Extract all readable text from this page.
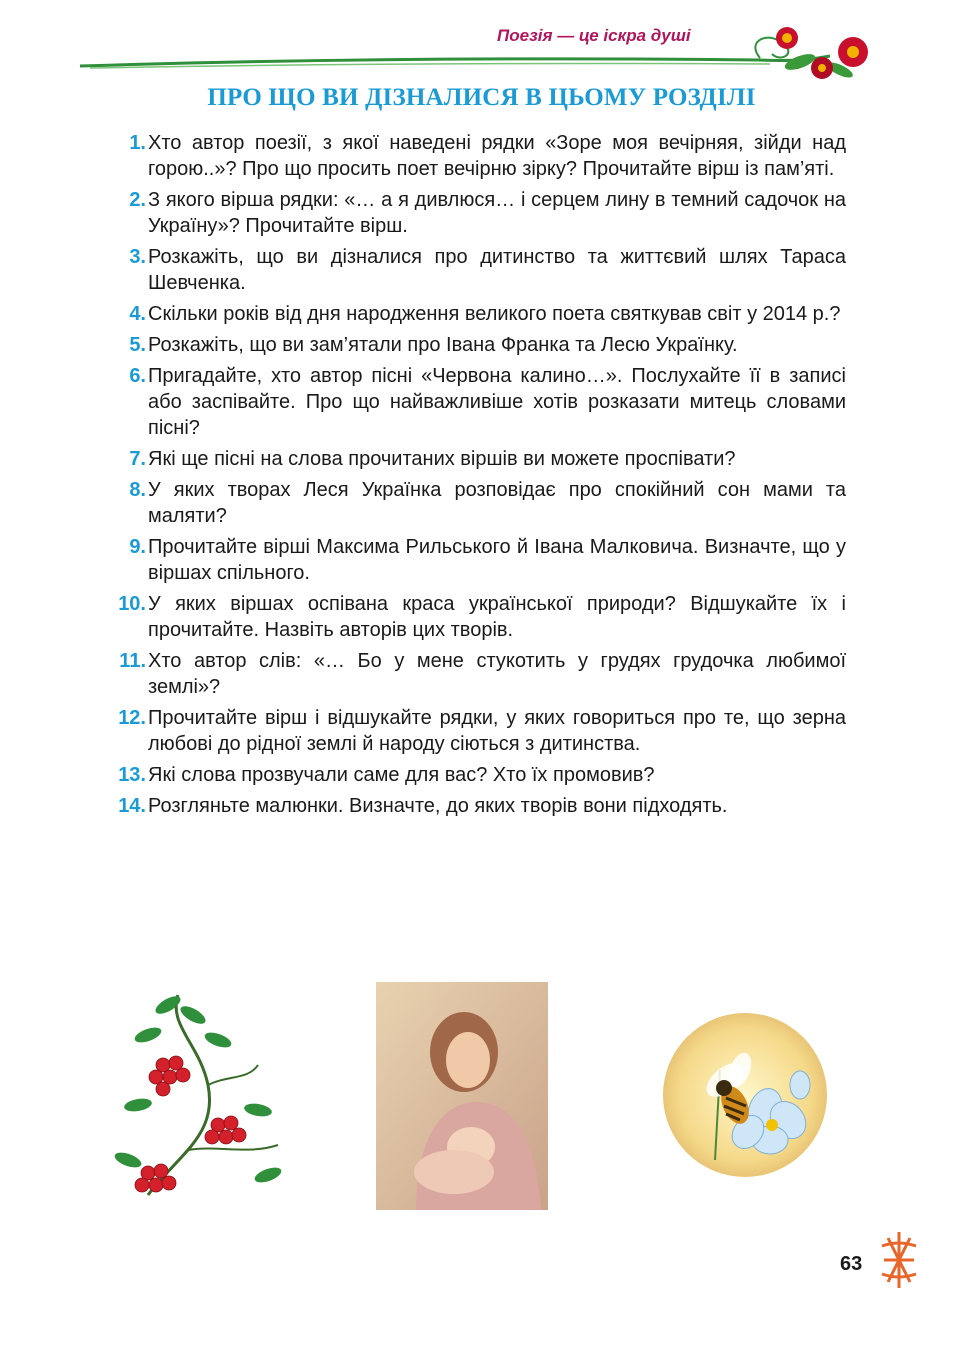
Поезія — це іскра душі
ПРО ЩО ВИ ДІЗНАЛИСЯ В ЦЬОМУ РОЗДІЛІ
1. Хто автор поезії, з якої наведені рядки «Зоре моя вечірняя, зійди над горою..»? Про що просить поет вечірню зірку? Прочитайте вірш із пам’яті.
2. З якого вірша рядки: «… а я дивлюся… і серцем лину в темний садочок на Україну»? Прочитайте вірш.
3. Розкажіть, що ви дізналися про дитинство та життєвий шлях Тараса Шевченка.
4. Скільки років від дня народження великого поета святкував світ у 2014 р.?
5. Розкажіть, що ви зам’ятали про Івана Франка та Лесю Українку.
6. Пригадайте, хто автор пісні «Червона калино…». Послухайте її в записі або заспівайте. Про що найважливіше хотів розказати митець словами пісні?
7. Які ще пісні на слова прочитаних віршів ви можете проспівати?
8. У яких творах Леся Українка розповідає про спокійний сон мами та маляти?
9. Прочитайте вірші Максима Рильського й Івана Малковича. Визначте, що у віршах спільного.
10. У яких віршах оспівана краса української природи? Відшукайте їх і прочитайте. Назвіть авторів цих творів.
11. Хто автор слів: «… Бо у мене стукотить у грудях грудочка любимої землі»?
12. Прочитайте вірш і відшукайте рядки, у яких говориться про те, що зерна любові до рідної землі й народу сіються з дитинства.
13. Які слова прозвучали саме для вас? Хто їх промовив?
14. Розгляньте малюнки. Визначте, до яких творів вони підходять.
63
